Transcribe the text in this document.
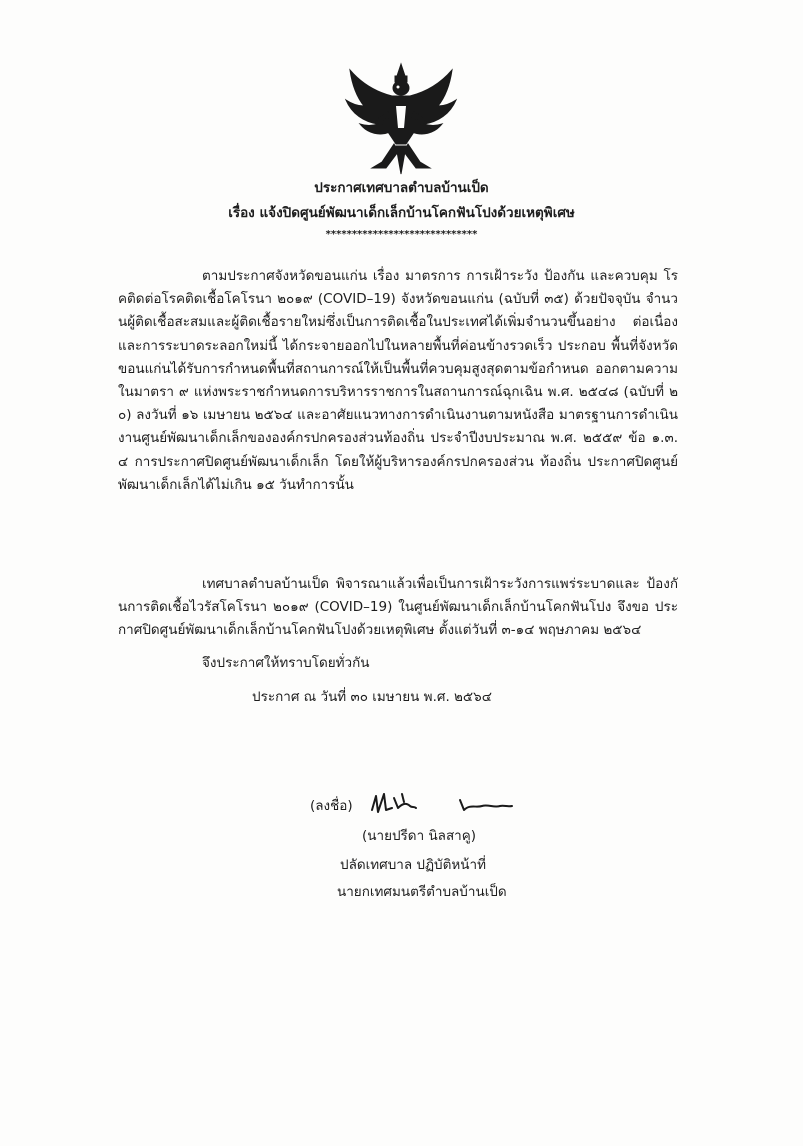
ประกาศเทศบาลตำบลบ้านเป็ด
เรื่อง แจ้งปิดศูนย์พัฒนาเด็กเล็กบ้านโคกฟันโปงด้วยเหตุพิเศษ
*****************************
ตามประกาศจังหวัดขอนแก่น เรื่อง มาตรการ การเฝ้าระวัง ป้องกัน และควบคุม โรคติดต่อโรคติดเชื้อโคโรนา ๒๐๑๙ (COVID–19) จังหวัดขอนแก่น (ฉบับที่ ๓๕) ด้วยปัจจุบัน จำนวนผู้ติดเชื้อสะสมและผู้ติดเชื้อรายใหม่ซึ่งเป็นการติดเชื้อในประเทศได้เพิ่มจำนวนขึ้นอย่าง ต่อเนื่อง และการระบาดระลอกใหม่นี้ ได้กระจายออกไปในหลายพื้นที่ค่อนข้างรวดเร็ว ประกอบ พื้นที่จังหวัดขอนแก่นได้รับการกำหนดพื้นที่สถานการณ์ให้เป็นพื้นที่ควบคุมสูงสุดตามข้อกำหนด ออกตามความในมาตรา ๙ แห่งพระราชกำหนดการบริหารราชการในสถานการณ์ฉุกเฉิน พ.ศ. ๒๕๔๘ (ฉบับที่ ๒๐) ลงวันที่ ๑๖ เมษายน ๒๕๖๔ และอาศัยแนวทางการดำเนินงานตามหนังสือ มาตรฐานการดำเนินงานศูนย์พัฒนาเด็กเล็กขององค์กรปกครองส่วนท้องถิ่น ประจำปีงบประมาณ พ.ศ. ๒๕๕๙ ข้อ ๑.๓.๔ การประกาศปิดศูนย์พัฒนาเด็กเล็ก โดยให้ผู้บริหารองค์กรปกครองส่วน ท้องถิ่น ประกาศปิดศูนย์พัฒนาเด็กเล็กได้ไม่เกิน ๑๕ วันทำการนั้น
เทศบาลตำบลบ้านเป็ด พิจารณาแล้วเพื่อเป็นการเฝ้าระวังการแพร่ระบาดและ ป้องกันการติดเชื้อไวรัสโคโรนา ๒๐๑๙ (COVID–19) ในศูนย์พัฒนาเด็กเล็กบ้านโคกฟันโปง จึงขอ ประกาศปิดศูนย์พัฒนาเด็กเล็กบ้านโคกฟันโปงด้วยเหตุพิเศษ ตั้งแต่วันที่ ๓-๑๔ พฤษภาคม ๒๕๖๔
จึงประกาศให้ทราบโดยทั่วกัน
ประกาศ ณ วันที่ ๓๐ เมษายน พ.ศ. ๒๕๖๔
(ลงชื่อ)
(นายปรีดา นิลสาคู)
ปลัดเทศบาล ปฏิบัติหน้าที่
นายกเทศมนตรีตำบลบ้านเป็ด
